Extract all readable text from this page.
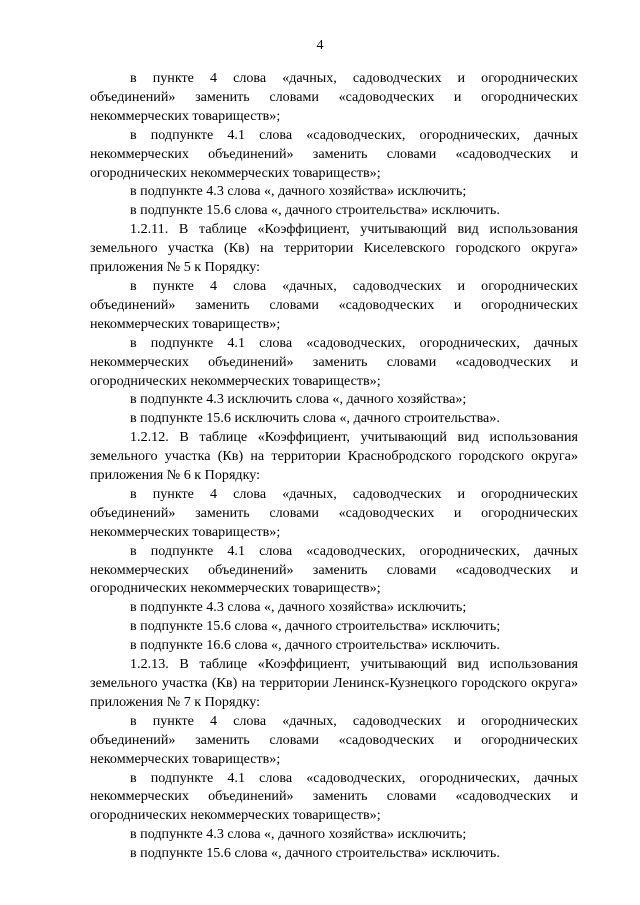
4

в пункте 4 слова «дачных, садоводческих и огороднических объединений» заменить словами «садоводческих и огороднических некоммерческих товариществ»;

в подпункте 4.1 слова «садоводческих, огороднических, дачных некоммерческих объединений» заменить словами «садоводческих и огороднических некоммерческих товариществ»;

в подпункте 4.3 слова «, дачного хозяйства» исключить;

в подпункте 15.6 слова «, дачного строительства» исключить.

1.2.11. В таблице «Коэффициент, учитывающий вид использования земельного участка (Кв) на территории Киселевского городского округа» приложения № 5 к Порядку:

в пункте 4 слова «дачных, садоводческих и огороднических объединений» заменить словами «садоводческих и огороднических некоммерческих товариществ»;

в подпункте 4.1 слова «садоводческих, огороднических, дачных некоммерческих объединений» заменить словами «садоводческих и огороднических некоммерческих товариществ»;

в подпункте 4.3 исключить слова «, дачного хозяйства»;

в подпункте 15.6 исключить слова «, дачного строительства».

1.2.12. В таблице «Коэффициент, учитывающий вид использования земельного участка (Кв) на территории Краснобродского городского округа» приложения № 6 к Порядку:

в пункте 4 слова «дачных, садоводческих и огороднических объединений» заменить словами «садоводческих и огороднических некоммерческих товариществ»;

в подпункте 4.1 слова «садоводческих, огороднических, дачных некоммерческих объединений» заменить словами «садоводческих и огороднических некоммерческих товариществ»;

в подпункте 4.3 слова «, дачного хозяйства» исключить;

в подпункте 15.6 слова «, дачного строительства» исключить;

в подпункте 16.6 слова «, дачного строительства» исключить.

1.2.13. В таблице «Коэффициент, учитывающий вид использования земельного участка (Кв) на территории Ленинск-Кузнецкого городского округа» приложения № 7 к Порядку:

в пункте 4 слова «дачных, садоводческих и огороднических объединений» заменить словами «садоводческих и огороднических некоммерческих товариществ»;

в подпункте 4.1 слова «садоводческих, огороднических, дачных некоммерческих объединений» заменить словами «садоводческих и огороднических некоммерческих товариществ»;

в подпункте 4.3 слова «, дачного хозяйства» исключить;

в подпункте 15.6 слова «, дачного строительства» исключить.
